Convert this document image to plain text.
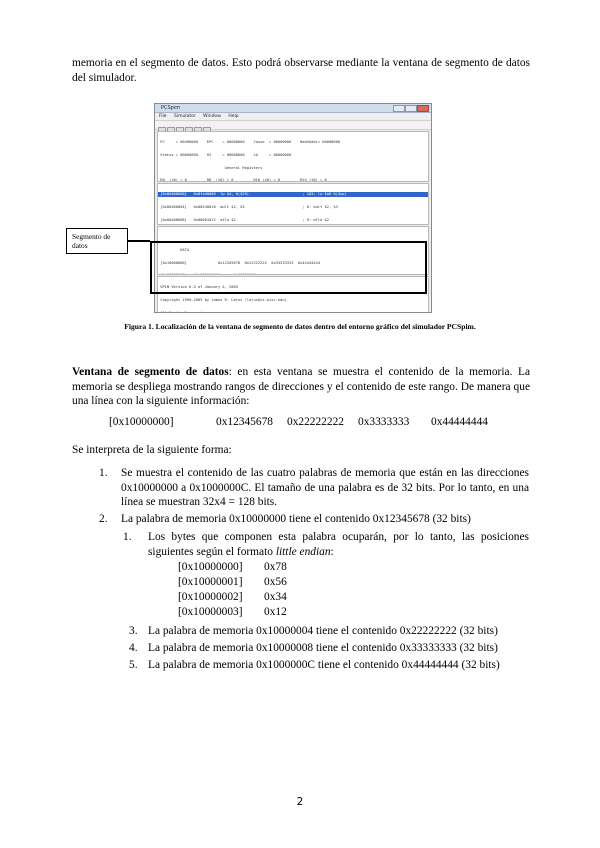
memoria en el segmento de datos. Esto podrá observarse mediante la ventana de segmento de datos del simulador.
PCSpim
File Simulator Window Help

PC     = 00400000    EPC    = 00000000    Cause  = 00000000    BadVAddr= 00000000

Status = 00000000    HI     = 00000000    LO     = 00000000

General Registers

R0  (r0) = 0         R8  (t0) = 0         R16 (s0) = 0         R24 (t8) = 0

[0x00400000]   0x8fa40000  lw $4, 0($29)                        ; 183: lw $a0 0($sp)

[0x00400004]   0x00430018  mult $2, $3                          ; 8: mult $2, $3

[0x00400008]   0x00001012  mflo $2                              ; 9: mflo $2

DATA

[0x10000000]              0x12345678  0x22222222  0x33333333  0x44444444

SPIM Version 6.5 of January 4, 2003

Copyright 1990-2003 by James R. Larus (larus@cs.wisc.edu).

All Rights Reserved.

Segmento de datos
Figura 1. Localización de la ventana de segmento de datos dentro del entorno gráfico del simulador PCSpim.
Ventana de segmento de datos: en esta ventana se muestra el contenido de la memoria. La memoria se despliega mostrando rangos de direcciones y el contenido de este rango. De manera que una línea con la siguiente información:
[0x10000000]	0x12345678 0x22222222 0x3333333 0x44444444
Se interpreta de la siguiente forma:
1. Se muestra el contenido de las cuatro palabras de memoria que están en las direcciones 0x10000000 a 0x1000000C. El tamaño de una palabra es de 32 bits. Por lo tanto, en una línea se muestran 32x4 = 128 bits.
2. La palabra de memoria 0x10000000 tiene el contenido 0x12345678 (32 bits)
1. Los bytes que componen esta palabra ocuparán, por lo tanto, las posiciones siguientes según el formato little endian:
[0x10000000] 0x78
[0x10000001] 0x56
[0x10000002] 0x34
[0x10000003] 0x12
3. La palabra de memoria 0x10000004 tiene el contenido 0x22222222 (32 bits)
4. La palabra de memoria 0x10000008 tiene el contenido 0x33333333 (32 bits)
5. La palabra de memoria 0x1000000C tiene el contenido 0x44444444 (32 bits)
2
